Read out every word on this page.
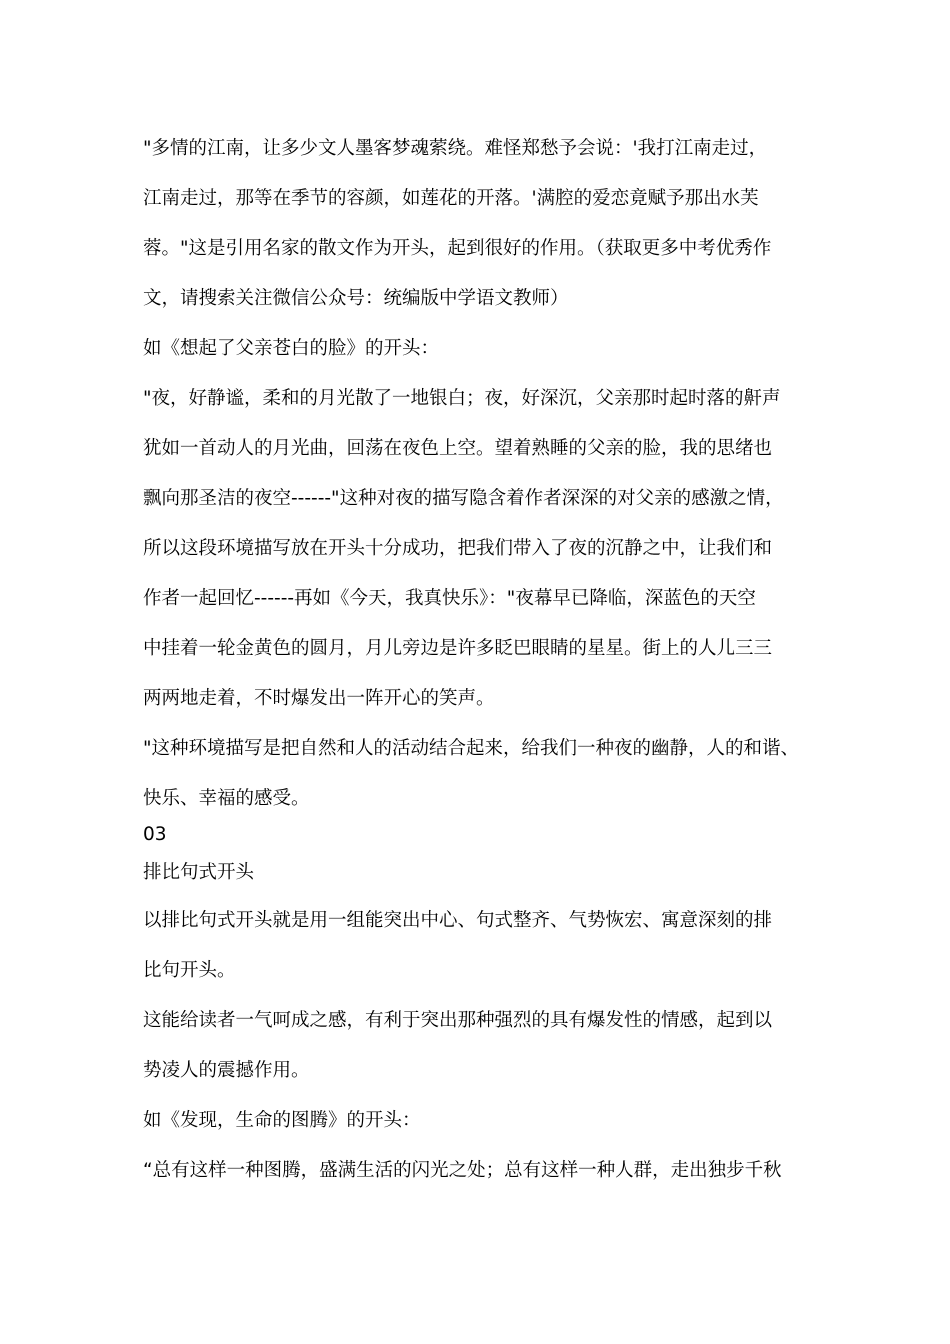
"多情的江南，让多少文人墨客梦魂萦绕。难怪郑愁予会说：'我打江南走过，
江南走过，那等在季节的容颜，如莲花的开落。'满腔的爱恋竟赋予那出水芙
蓉。"这是引用名家的散文作为开头，起到很好的作用。（获取更多中考优秀作
文，请搜索关注微信公众号：统编版中学语文教师）
如《想起了父亲苍白的脸》的开头：
"夜，好静谧，柔和的月光散了一地银白；夜，好深沉，父亲那时起时落的鼾声
犹如一首动人的月光曲，回荡在夜色上空。望着熟睡的父亲的脸，我的思绪也
飘向那圣洁的夜空------"这种对夜的描写隐含着作者深深的对父亲的感激之情，
所以这段环境描写放在开头十分成功，把我们带入了夜的沉静之中，让我们和
作者一起回忆------再如《今天，我真快乐》："夜幕早已降临，深蓝色的天空
中挂着一轮金黄色的圆月，月儿旁边是许多眨巴眼睛的星星。街上的人儿三三
两两地走着，不时爆发出一阵开心的笑声。
"这种环境描写是把自然和人的活动结合起来，给我们一种夜的幽静，人的和谐、
快乐、幸福的感受。
03
排比句式开头
以排比句式开头就是用一组能突出中心、句式整齐、气势恢宏、寓意深刻的排
比句开头。
这能给读者一气呵成之感，有利于突出那种强烈的具有爆发性的情感，起到以
势凌人的震撼作用。
如《发现，生命的图腾》的开头：
“总有这样一种图腾，盛满生活的闪光之处；总有这样一种人群，走出独步千秋
